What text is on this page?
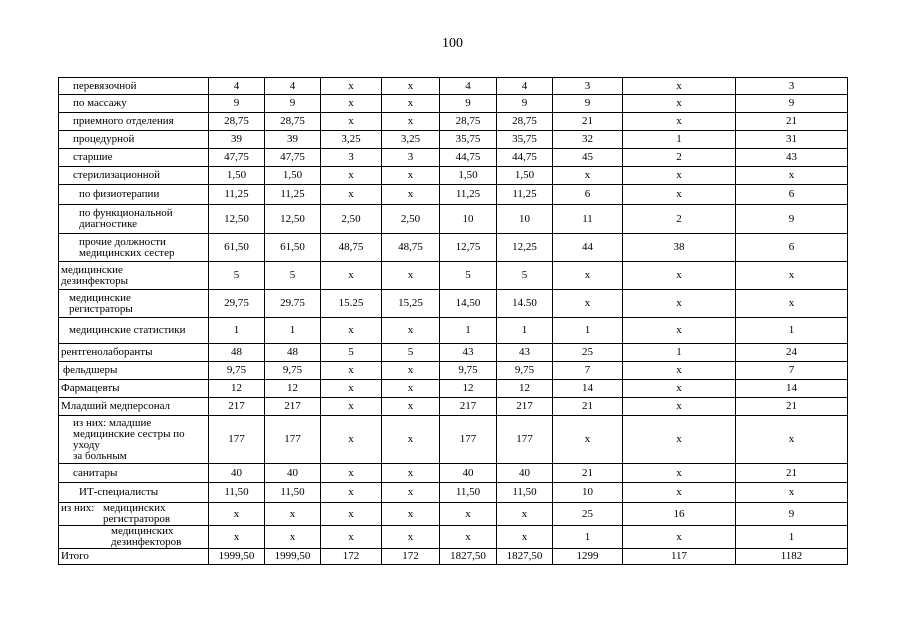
100
перевязочной	4	4	x	x	4	4	3	x	3

по массажу	9	9	x	x	9	9	9	x	9

приемного отделения	28,75	28,75	x	x	28,75	28,75	21	x	21

процедурной	39	39	3,25	3,25	35,75	35,75	32	1	31

старшие	47,75	47,75	3	3	44,75	44,75	45	2	43

стерилизационной	1,50	1,50	x	x	1,50	1,50	x	x	x

по физиотерапии	11,25	11,25	x	x	11,25	11,25	6	x	6

по функциональной
диагностике	12,50	12,50	2,50	2,50	10	10	11	2	9

прочие должности
медицинских сестер	61,50	61,50	48,75	48,75	12,75	12,25	44	38	6

медицинские
дезинфекторы	5	5	x	x	5	5	x	x	x

медицинские
регистраторы	29,75	29.75	15.25	15,25	14,50	14.50	x	x	x

медицинские статистики	1	1	x	x	1	1	1	x	1

рентгенолаборанты	48	48	5	5	43	43	25	1	24

фельдшеры	9,75	9,75	x	x	9,75	9,75	7	x	7

Фармацевты	12	12	x	x	12	12	14	x	14

Младший медперсонал	217	217	x	x	217	217	21	x	21

из них: младшие
медицинские сестры по
уходу
за больным	177	177	x	x	177	177	x	x	x

санитары	40	40	x	x	40	40	21	x	21

ИТ-специалисты	11,50	11,50	x	x	11,50	11,50	10	x	x

из них: медицинских
регистраторов	x	x	x	x	x	x	25	16	9

медицинских
дезинфекторов	x	x	x	x	x	x	1	x	1

Итого	1999,50	1999,50	172	172	1827,50	1827,50	1299	117	1182
